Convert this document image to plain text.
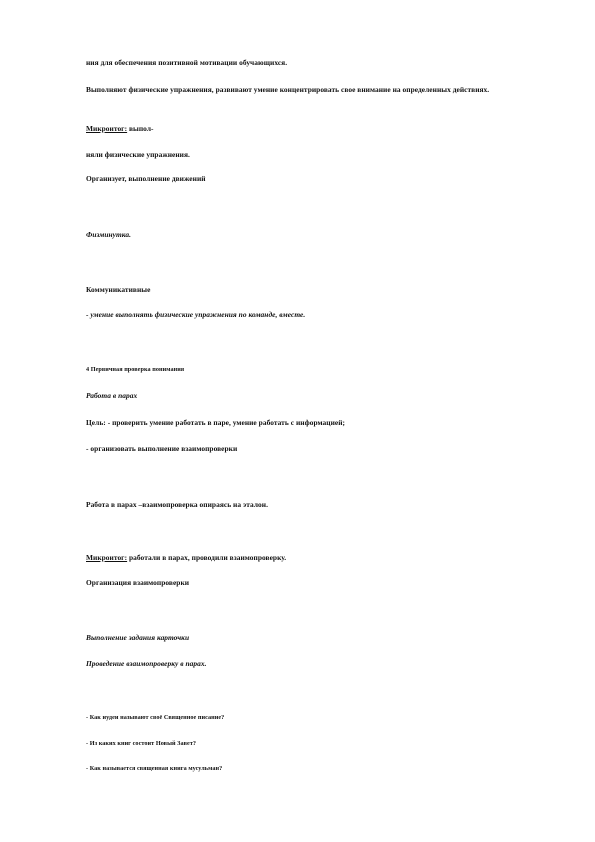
ния для обеспечения позитивной мотивации обучающихся.
Выполняют физические упражнения, развивают умение концентрировать свое внимание на определенных действиях.
Микроитог: выпол-
няли физические упражнения.
Организует, выполнение движений
Физминутка.
Коммуникативные
- умение выполнять физические упражнения по команде, вместе.
4 Первичная проверка понимания
Работа в парах
Цель: - проверить умение работать в паре, умение работать с информацией;
- организовать выполнение взаимопроверки
Работа в парах –взаимопроверка опираясь на эталон.
Микроитог: работали в парах, проводили взаимопроверку.
Организация взаимопроверки
Выполнение задания карточки
Проведение взаимопроверку в парах.
- Как иудеи называют своё Священное писание?
- Из каких книг состоит Новый Завет?
- Как называется священная книга мусульман?
